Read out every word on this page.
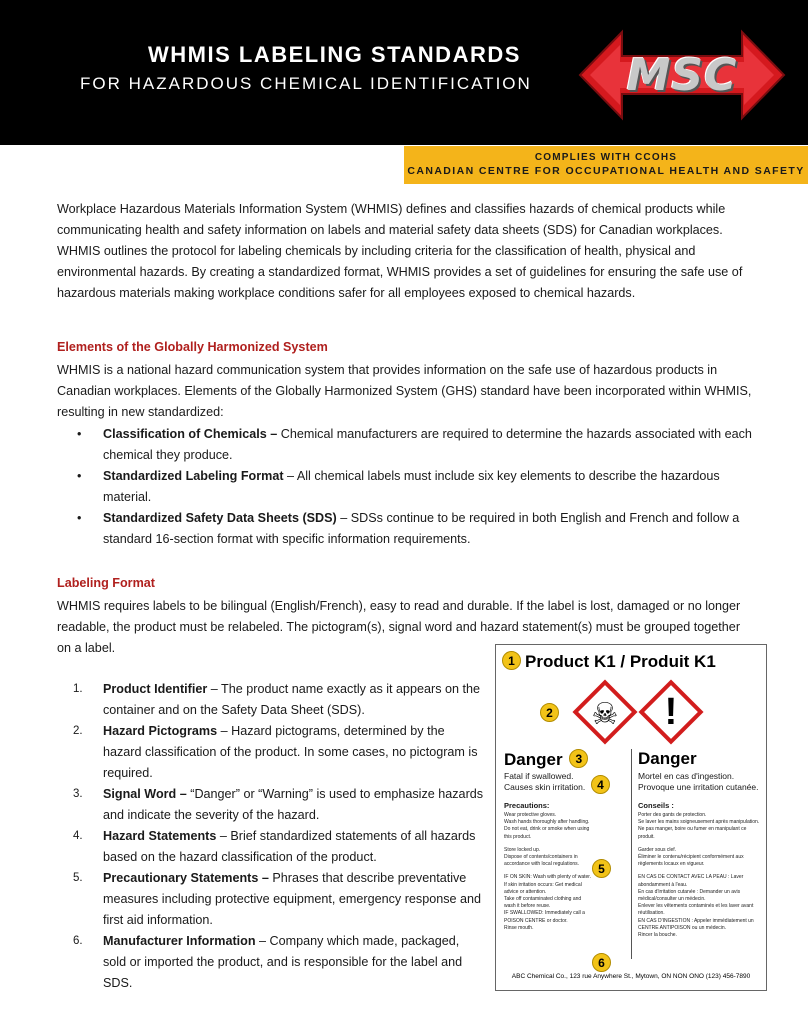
WHMIS LABELING STANDARDS
FOR HAZARDOUS CHEMICAL IDENTIFICATION	MSC
COMPLIES WITH CCOHS
CANADIAN CENTRE FOR OCCUPATIONAL HEALTH AND SAFETY

Workplace Hazardous Materials Information System (WHMIS) defines and classifies hazards of chemical products while communicating health and safety information on labels and material safety data sheets (SDS) for Canadian workplaces. WHMIS outlines the protocol for labeling chemicals by including criteria for the classification of health, physical and environmental hazards. By creating a standardized format, WHMIS provides a set of guidelines for ensuring the safe use of hazardous materials making workplace conditions safer for all employees exposed to chemical hazards.

Elements of the Globally Harmonized System

WHMIS is a national hazard communication system that provides information on the safe use of hazardous products in Canadian workplaces. Elements of the Globally Harmonized System (GHS) standard have been incorporated within WHMIS, resulting in new standardized:

• Classification of Chemicals – Chemical manufacturers are required to determine the hazards associated with each chemical they produce.
• Standardized Labeling Format – All chemical labels must include six key elements to describe the hazardous material.
• Standardized Safety Data Sheets (SDS) – SDSs continue to be required in both English and French and follow a standard 16-section format with specific information requirements.
Labeling Format

WHMIS requires labels to be bilingual (English/French), easy to read and durable. If the label is lost, damaged or no longer readable, the product must be relabeled. The pictogram(s), signal word and hazard statement(s) must be grouped together on a label.

1. Product Identifier – The product name exactly as it appears on the container and on the Safety Data Sheet (SDS).
2. Hazard Pictograms – Hazard pictograms, determined by the hazard classification of the product. In some cases, no pictogram is required.
3. Signal Word – “Danger” or “Warning” is used to emphasize hazards and indicate the severity of the hazard.
4. Hazard Statements – Brief standardized statements of all hazards based on the hazard classification of the product.
5. Precautionary Statements – Phrases that describe preventative measures including protective equipment, emergency response and first aid information.
6. Manufacturer Information – Company which made, packaged, sold or imported the product, and is responsible for the label and SDS.
1 Product K1 / Produit K1
2	☠	!
Danger 3	Danger
Fatal if swallowed.
Causes skin irritation. 4
Mortel en cas d'ingestion.
Provoque une irritation cutanée.
Precautions:	Conseils :
Wear protective gloves.
Wash hands thoroughly after handling.
Do not eat, drink or smoke when using this product.
Store locked up.
Dispose of contents/containers in accordance with local regulations.
IF ON SKIN: Wash with plenty of water.
If skin irritation occurs: Get medical advice or attention.
Take off contaminated clothing and wash it before reuse.
IF SWALLOWED: Immediately call a POISON CENTRE or doctor.
Rinse mouth.
5
Porter des gants de protection.
Se laver les mains soigneusement après manipulation.
Ne pas manger, boire ou fumer en manipulant ce produit.
Garder sous clef.
Éliminer le contenu/récipient conformément aux règlements locaux en vigueur.
EN CAS DE CONTACT AVEC LA PEAU : Laver abondamment à l'eau.
En cas d'irritation cutanée : Demander un avis médical/consulter un médecin.
Enlever les vêtements contaminés et les laver avant réutilisation.
EN CAS D'INGESTION : Appeler immédiatement un CENTRE ANTIPOISON ou un médecin.
Rincer la bouche.
6
ABC Chemical Co., 123 rue Anywhere St., Mytown, ON NON ONO (123) 456-7890
